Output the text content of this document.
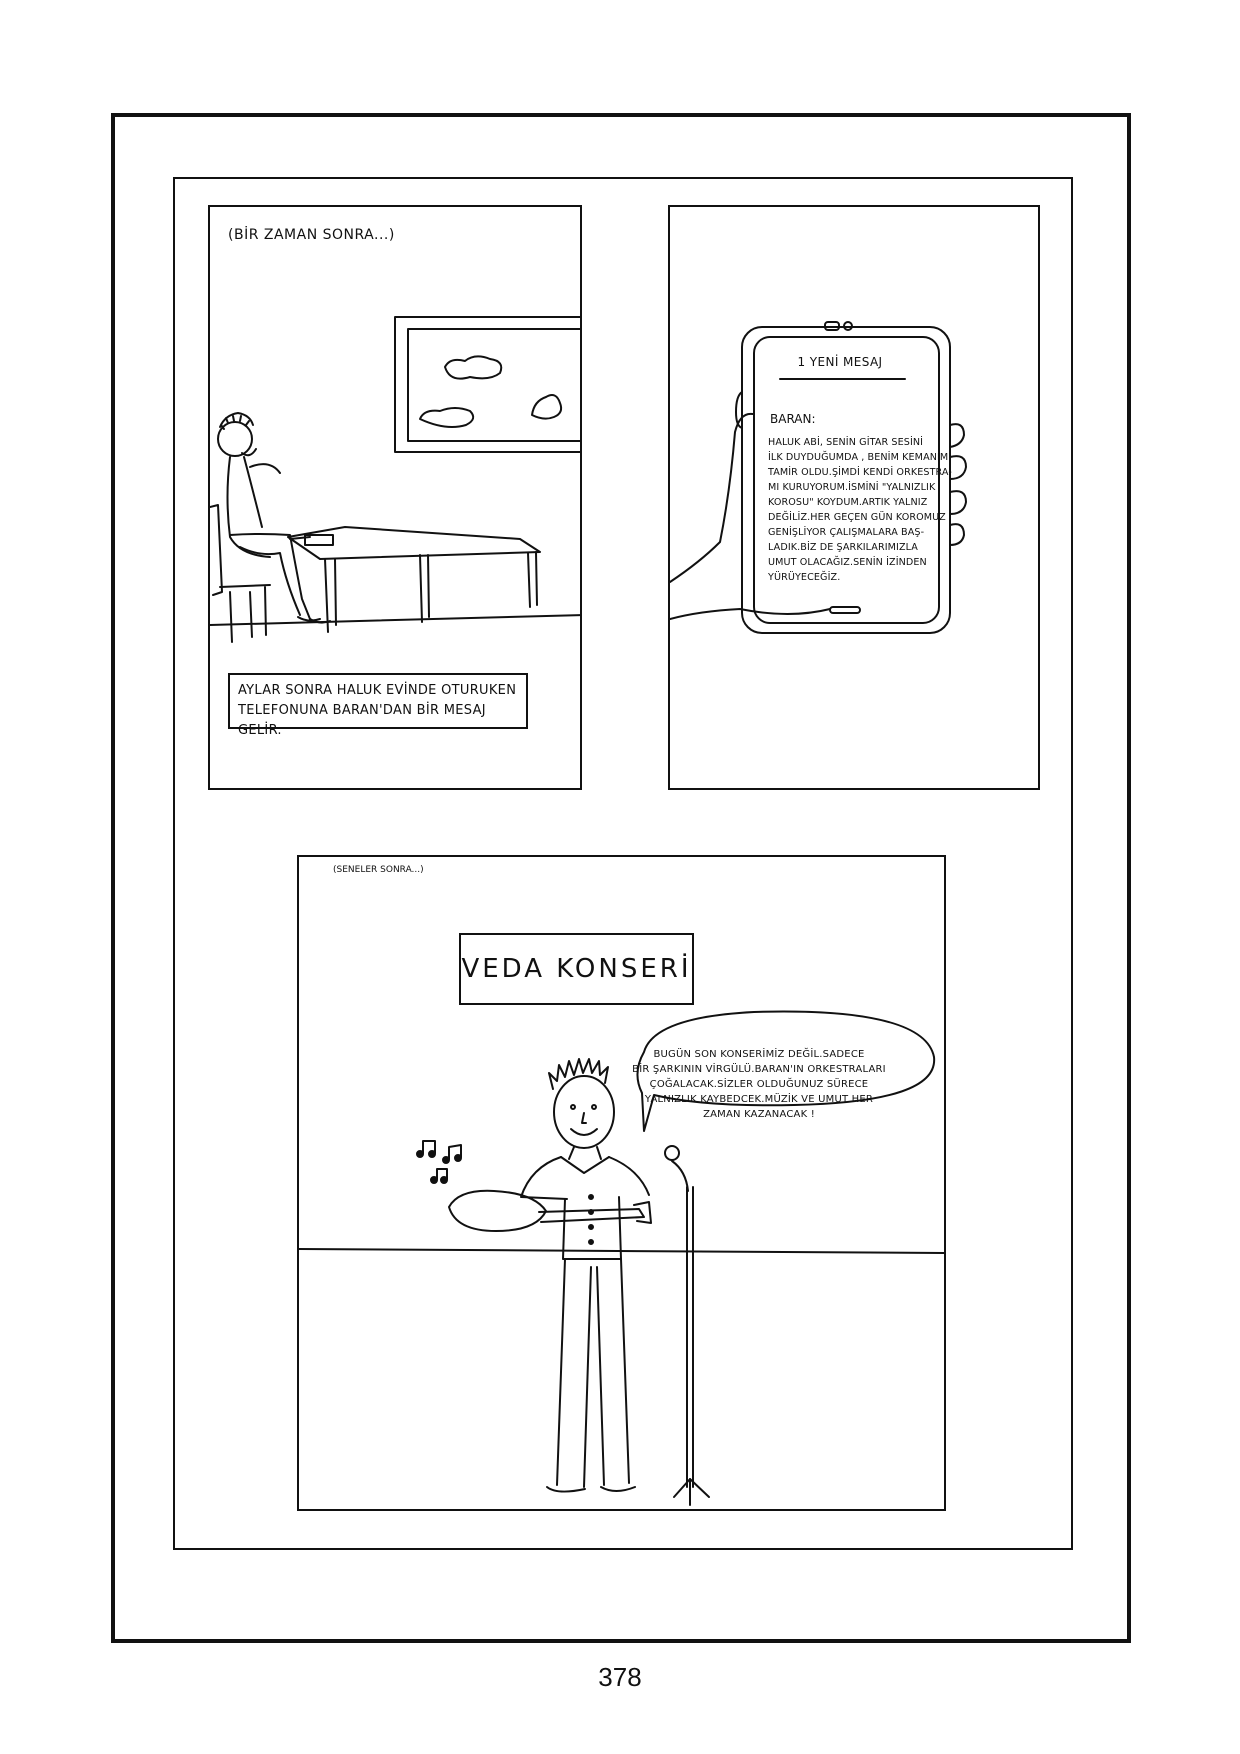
(BİR ZAMAN SONRA...)
AYLAR SONRA HALUK EVİNDE OTURUKEN
TELEFONUNA BARAN'DAN BİR MESAJ GELİR.
1 YENİ MESAJ
BARAN:
HALUK ABİ, SENİN GİTAR SESİNİ
İLK DUYDUĞUMDA , BENİM KEMANIM
TAMİR OLDU.ŞİMDİ KENDİ ORKESTRA-
MI KURUYORUM.İSMİNİ "YALNIZLIK
KOROSU" KOYDUM.ARTIK YALNIZ
DEĞİLİZ.HER GEÇEN GÜN KOROMUZ
GENİŞLİYOR ÇALIŞMALARA BAŞ-
LADIK.BİZ DE ŞARKILARIMIZLA
UMUT OLACAĞIZ.SENİN İZİNDEN
YÜRÜYECEĞİZ.
(SENELER SONRA...)
VEDA KONSERİ
BUGÜN SON KONSERİMİZ DEĞİL.SADECE
BİR ŞARKININ VİRGÜLÜ.BARAN'IN ORKESTRALARI
ÇOĞALACAK.SİZLER OLDUĞUNUZ SÜRECE
YALNIZLIK KAYBEDCEK.MÜZİK VE UMUT HER
ZAMAN KAZANACAK !
378
